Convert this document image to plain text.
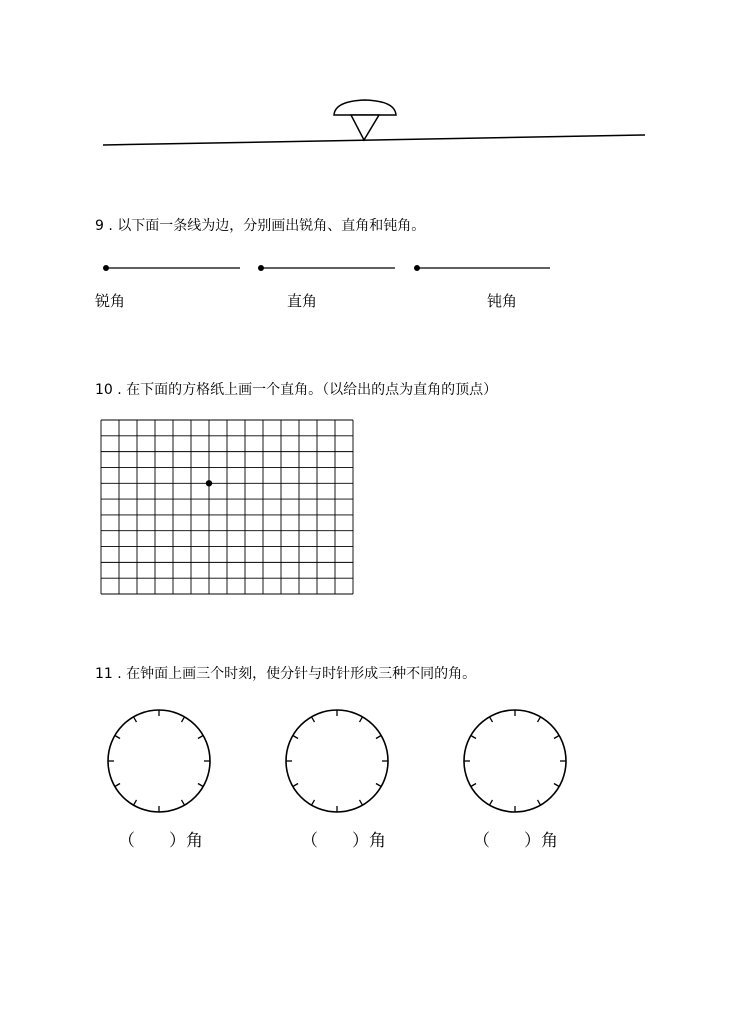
9 . 以下面一条线为边，分别画出锐角、直角和钝角。
锐角	直角	钝角
10 . 在下面的方格纸上画一个直角。（以给出的点为直角的顶点）
11 . 在钟面上画三个时刻，使分针与时针形成三种不同的角。
（　　）角	（　　）角	（　　）角
